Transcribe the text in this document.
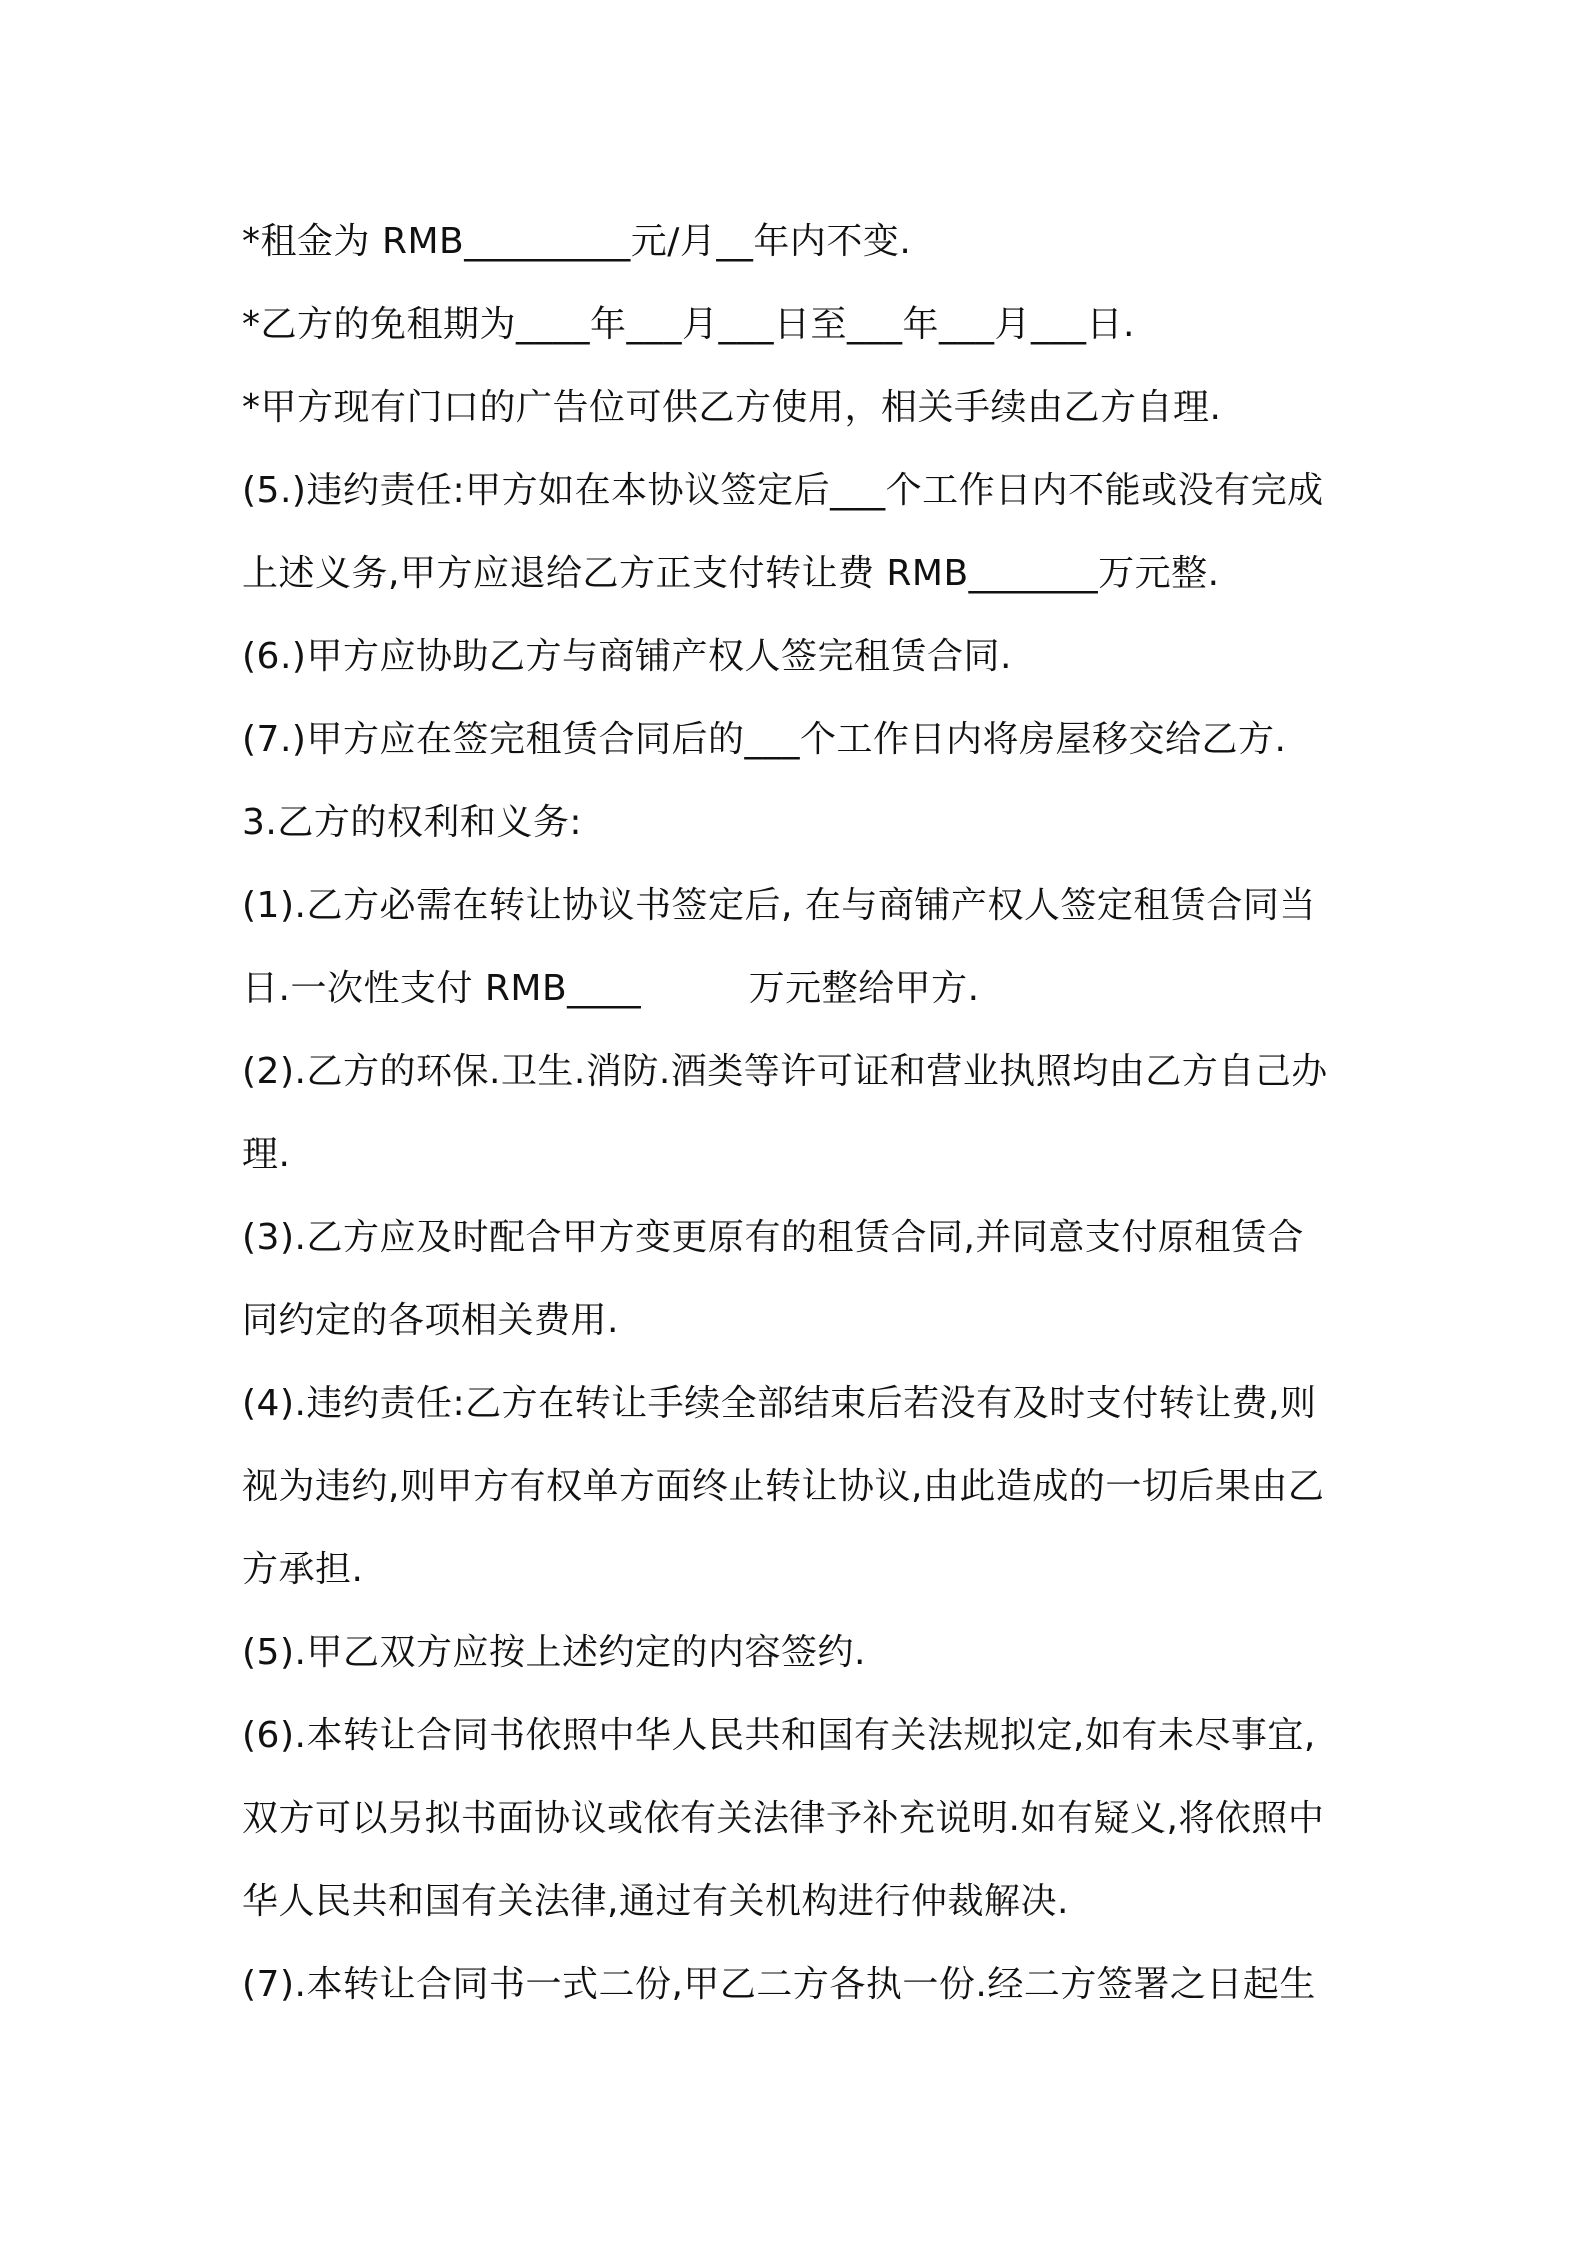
*租金为 RMB_________元/月__年内不变.
*乙方的免租期为____年___月___日至___年___月___日.
*甲方现有门口的广告位可供乙方使用，相关手续由乙方自理.
(5.)违约责任:甲方如在本协议签定后___个工作日内不能或没有完成
上述义务,甲方应退给乙方正支付转让费 RMB_______万元整.
(6.)甲方应协助乙方与商铺产权人签完租赁合同.
(7.)甲方应在签完租赁合同后的___个工作日内将房屋移交给乙方.
3.乙方的权利和义务:
(1).乙方必需在转让协议书签定后, 在与商铺产权人签定租赁合同当
日.一次性支付 RMB____         万元整给甲方.
(2).乙方的环保.卫生.消防.酒类等许可证和营业执照均由乙方自己办
理.
(3).乙方应及时配合甲方变更原有的租赁合同,并同意支付原租赁合
同约定的各项相关费用.
(4).违约责任:乙方在转让手续全部结束后若没有及时支付转让费,则
视为违约,则甲方有权单方面终止转让协议,由此造成的一切后果由乙
方承担.
(5).甲乙双方应按上述约定的内容签约.
(6).本转让合同书依照中华人民共和国有关法规拟定,如有未尽事宜,
双方可以另拟书面协议或依有关法律予补充说明.如有疑义,将依照中
华人民共和国有关法律,通过有关机构进行仲裁解决.
(7).本转让合同书一式二份,甲乙二方各执一份.经二方签署之日起生
